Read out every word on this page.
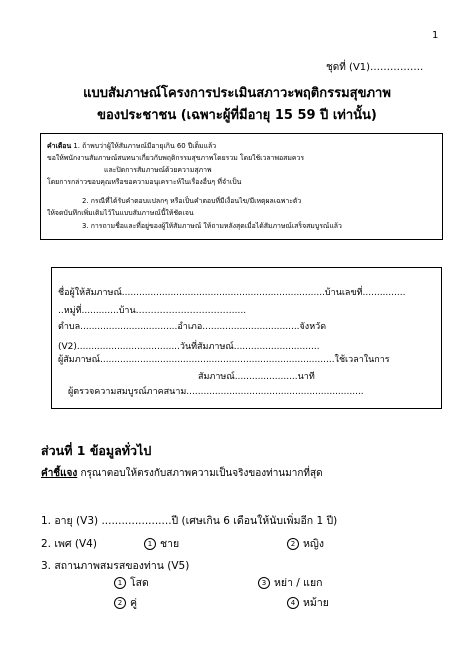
1
ชุดที่ (V1)…………….
แบบสัมภาษณ์โครงการประเมินสภาวะพฤติกรรมสุขภาพ
ของประชาชน (เฉพาะผู้ที่มีอายุ 15 59 ปี เท่านั้น)
คำเตือน 1. ถ้าพบว่าผู้ให้สัมภาษณ์มีอายุเกิน 60 ปีเต็มแล้ว
ขอให้พนักงานสัมภาษณ์สนทนาเกี่ยวกับพฤติกรรมสุขภาพโดยรวม โดยใช้เวลาพอสมควร
และปิดการสัมภาษณ์ด้วยความสุภาพ
โดยการกล่าวขอบคุณหรือขอความอนุเคราะห์ในเรื่องอื่นๆ ที่จำเป็น
2. กรณีที่ได้รับคำตอบแปลกๆ หรือเป็นคำตอบที่มีเงื่อนไข/มีเหตุผลเฉพาะตัว
ให้จดบันทึกเพิ่มเติมไว้ในแบบสัมภาษณ์นี้ให้ชัดเจน
3. การถามชื่อและที่อยู่ของผู้ให้สัมภาษณ์ ให้ถามหลังสุดเมื่อได้สัมภาษณ์เสร็จสมบูรณ์แล้ว
ชื่อผู้ให้สัมภาษณ์.......................................................................บ้านเลขที่...............
..หมู่ที่.............บ้าน……………………………....
ตำบล..................................อำเภอ..................................จังหวัด
(V2)....................................วันที่สัมภาษณ์..............................
ผู้สัมภาษณ์..................................................................................ใช้เวลาในการ
สัมภาษณ์......................นาที
ผู้ตรวจความสมบูรณ์ภาคสนาม..............................................................
ส่วนที่ 1 ข้อมูลทั่วไป
คำชี้แจง กรุณาตอบให้ตรงกับสภาพความเป็นจริงของท่านมากที่สุด
1. อายุ (V3) .....................ปี (เศษเกิน 6 เดือนให้นับเพิ่มอีก 1 ปี)
2. เพศ (V4)	1 ชาย	2 หญิง
3. สถานภาพสมรสของท่าน (V5)
1 โสด	3 หย่า / แยก
2 คู่	4 หม้าย
